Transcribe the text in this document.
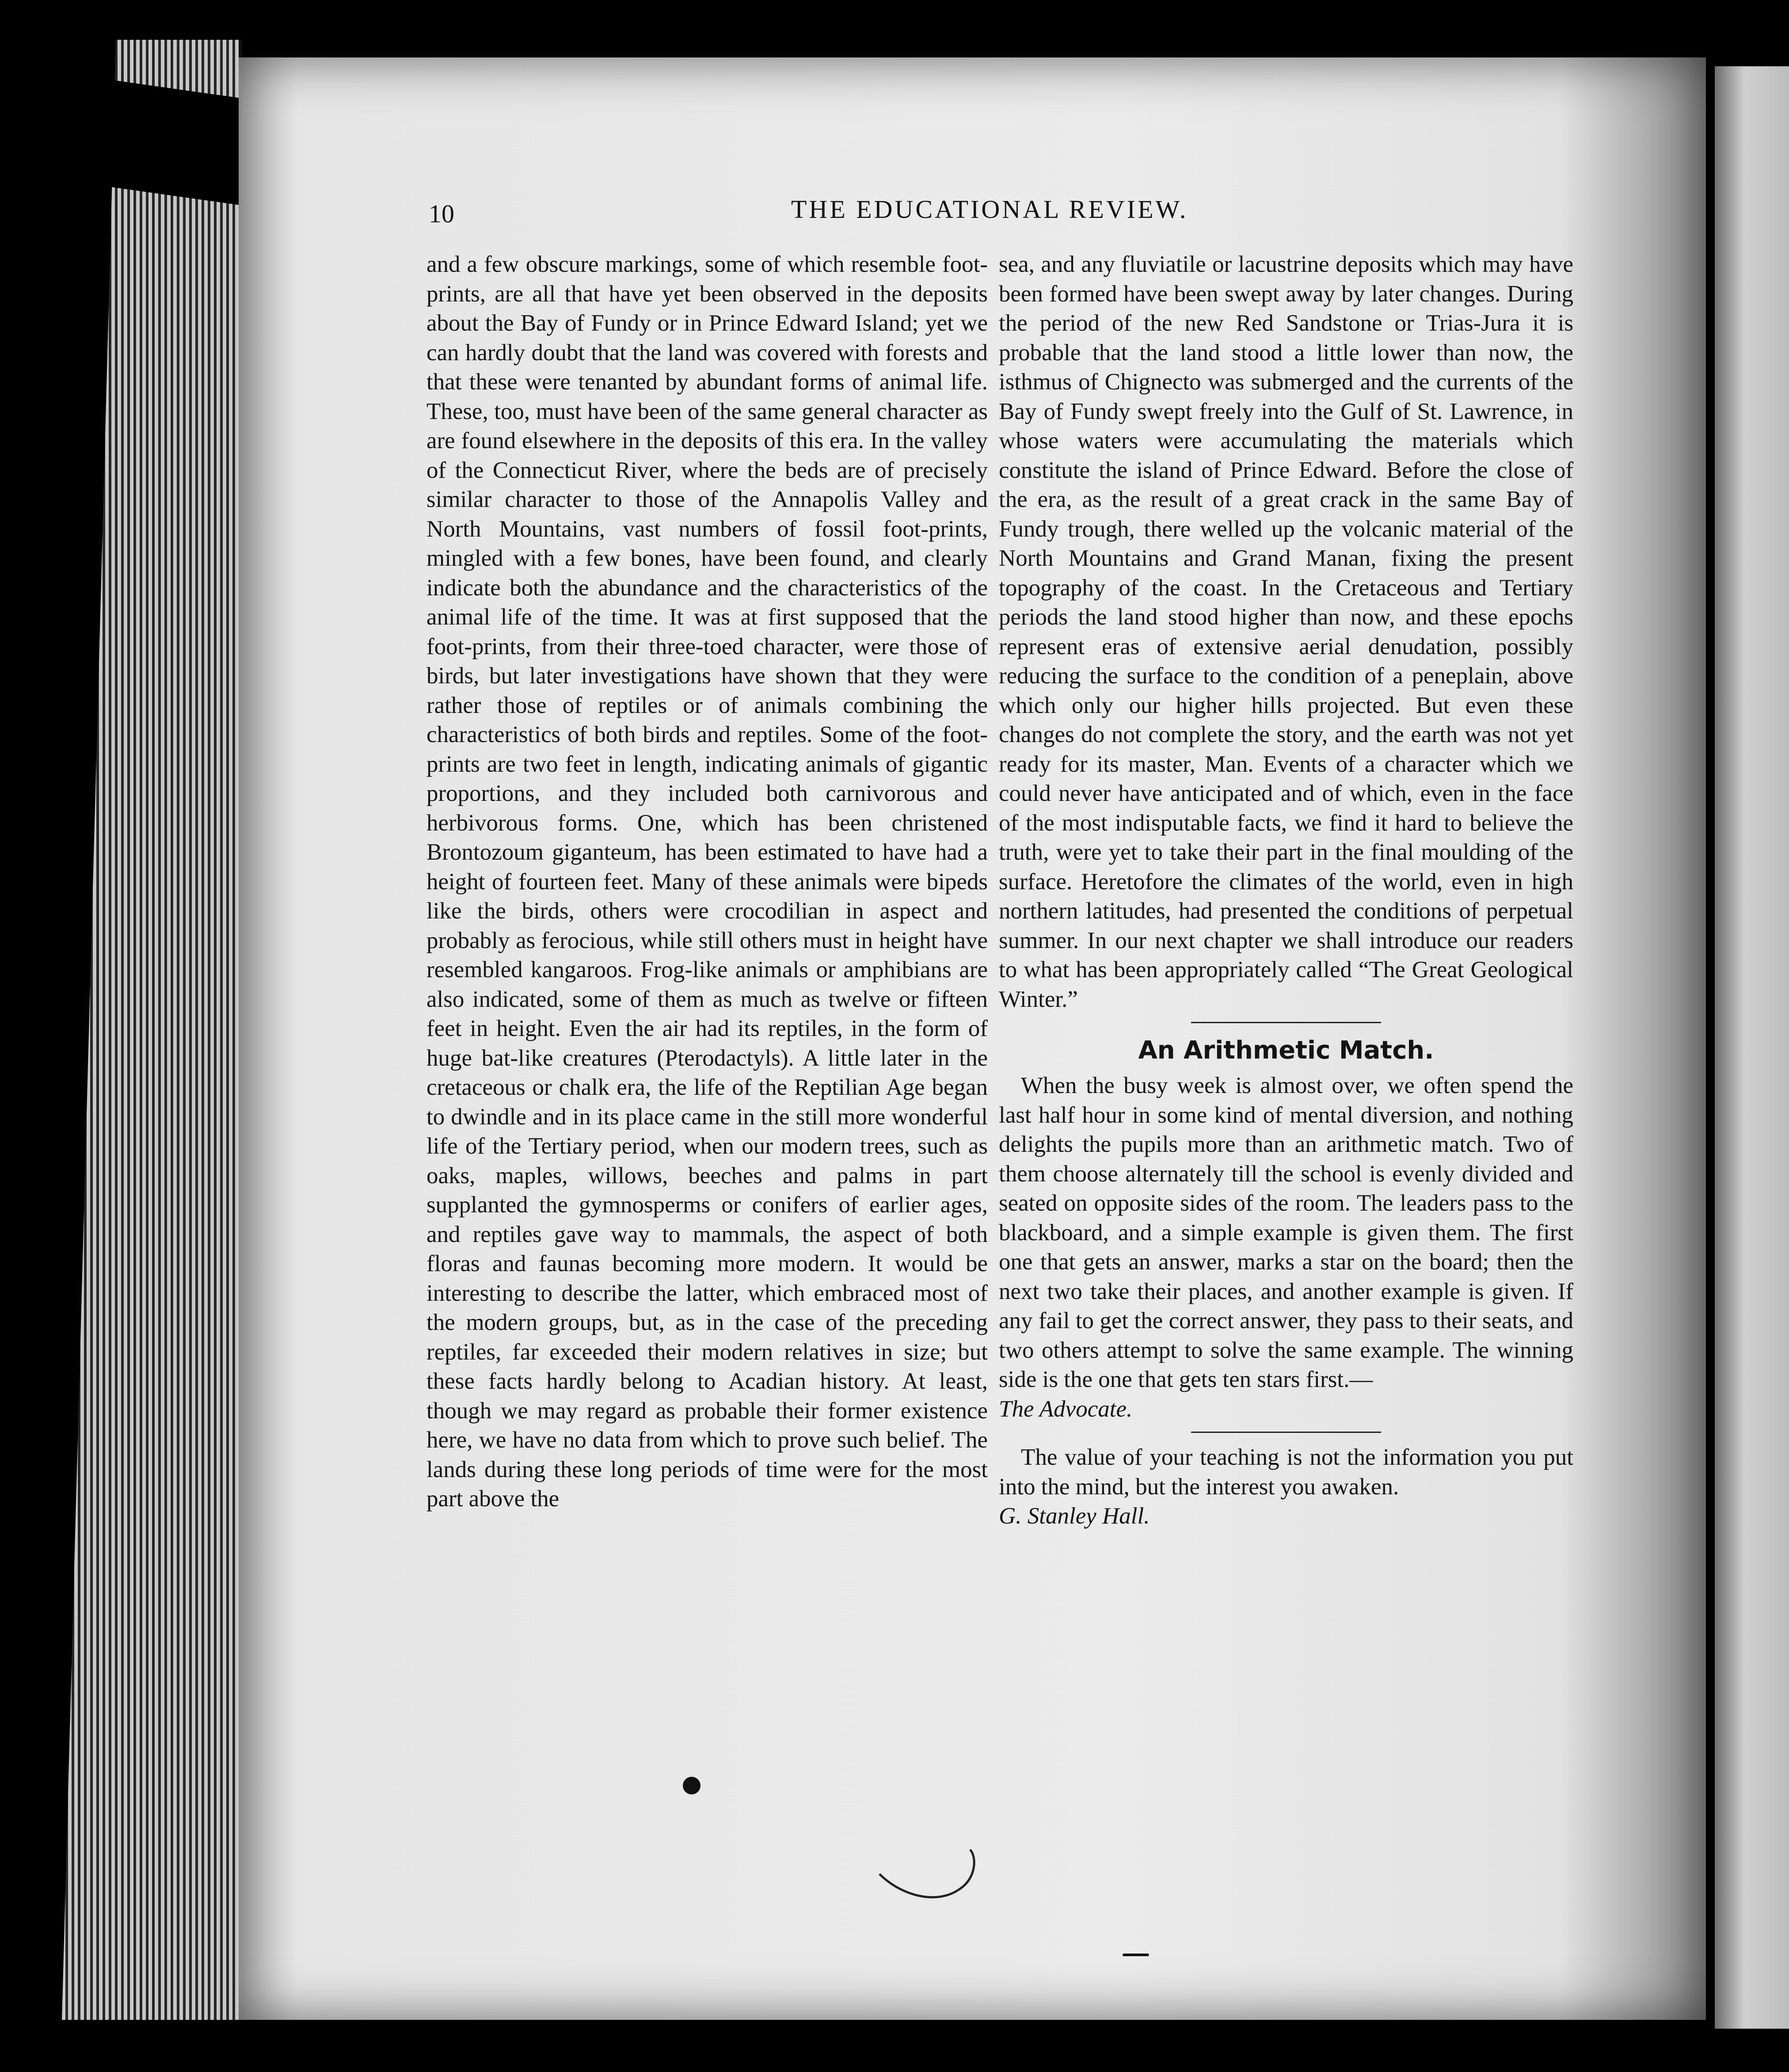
10	THE EDUCATIONAL REVIEW.

and a few obscure markings, some of which resemble foot-prints, are all that have yet been observed in the deposits about the Bay of Fundy or in Prince Edward Island; yet we can hardly doubt that the land was covered with forests and that these were tenanted by abundant forms of animal life. These, too, must have been of the same general character as are found elsewhere in the deposits of this era. In the valley of the Connecticut River, where the beds are of precisely similar character to those of the Annapolis Valley and North Mountains, vast numbers of fossil foot-prints, mingled with a few bones, have been found, and clearly indicate both the abundance and the characteristics of the animal life of the time. It was at first supposed that the foot-prints, from their three-toed character, were those of birds, but later investigations have shown that they were rather those of reptiles or of animals combining the characteristics of both birds and reptiles. Some of the foot-prints are two feet in length, indicating animals of gigantic proportions, and they included both carnivorous and herbivorous forms. One, which has been christened Brontozoum giganteum, has been estimated to have had a height of fourteen feet. Many of these animals were bipeds like the birds, others were crocodilian in aspect and probably as ferocious, while still others must in height have resembled kangaroos. Frog-like animals or amphibians are also indicated, some of them as much as twelve or fifteen feet in height. Even the air had its reptiles, in the form of huge bat-like creatures (Pterodactyls). A little later in the cretaceous or chalk era, the life of the Reptilian Age began to dwindle and in its place came in the still more wonderful life of the Tertiary period, when our modern trees, such as oaks, maples, willows, beeches and palms in part supplanted the gymnosperms or conifers of earlier ages, and reptiles gave way to mammals, the aspect of both floras and faunas becoming more modern. It would be interesting to describe the latter, which embraced most of the modern groups, but, as in the case of the preceding reptiles, far exceeded their modern relatives in size; but these facts hardly belong to Acadian history. At least, though we may regard as probable their former existence here, we have no data from which to prove such belief. The lands during these long periods of time were for the most part above the

sea, and any fluviatile or lacustrine deposits which may have been formed have been swept away by later changes. During the period of the new Red Sandstone or Trias-Jura it is probable that the land stood a little lower than now, the isthmus of Chignecto was submerged and the currents of the Bay of Fundy swept freely into the Gulf of St. Lawrence, in whose waters were accumulating the materials which constitute the island of Prince Edward. Before the close of the era, as the result of a great crack in the same Bay of Fundy trough, there welled up the volcanic material of the North Mountains and Grand Manan, fixing the present topography of the coast. In the Cretaceous and Tertiary periods the land stood higher than now, and these epochs represent eras of extensive aerial denudation, possibly reducing the surface to the condition of a peneplain, above which only our higher hills projected. But even these changes do not complete the story, and the earth was not yet ready for its master, Man. Events of a character which we could never have anticipated and of which, even in the face of the most indisputable facts, we find it hard to believe the truth, were yet to take their part in the final moulding of the surface. Heretofore the climates of the world, even in high northern latitudes, had presented the conditions of perpetual summer. In our next chapter we shall introduce our readers to what has been appropriately called “The Great Geological Winter.”

An Arithmetic Match.

When the busy week is almost over, we often spend the last half hour in some kind of mental diversion, and nothing delights the pupils more than an arithmetic match. Two of them choose alternately till the school is evenly divided and seated on opposite sides of the room. The leaders pass to the blackboard, and a simple example is given them. The first one that gets an answer, marks a star on the board; then the next two take their places, and another example is given. If any fail to get the correct answer, they pass to their seats, and two others attempt to solve the same example. The winning side is the one that gets ten stars first.—
The Advocate.

The value of your teaching is not the information you put into the mind, but the interest you awaken.
G. Stanley Hall.
